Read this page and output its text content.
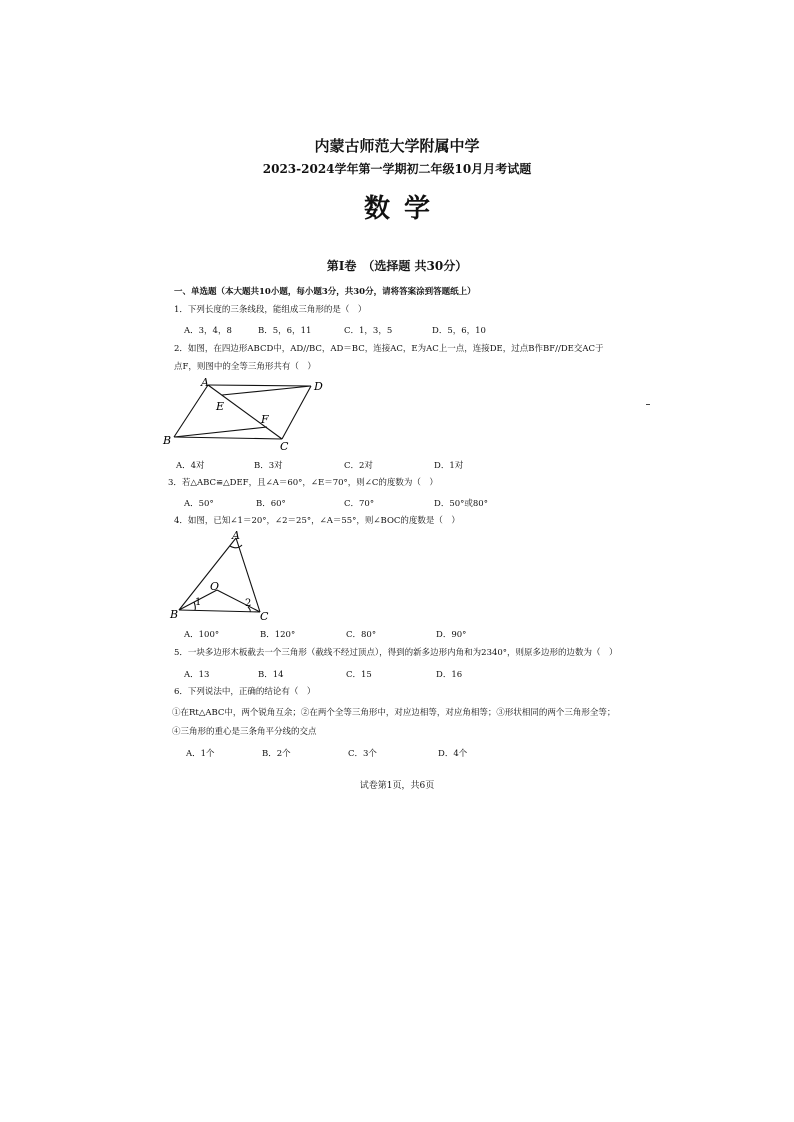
内蒙古师范大学附属中学
2023-2024学年第一学期初二年级10月月考试题
数学
第Ⅰ卷　（选择题 共30分）
一、单选题（本大题共10小题，每小题3分，共30分，请将答案涂到答题纸上）
1．下列长度的三条线段，能组成三角形的是（　）
A．3，4，8	B．5，6，11	C．1，3，5	D．5，6，10
2．如图，在四边形ABCD中，AD//BC，AD＝BC，连接AC，E为AC上一点，连接DE，过点B作BF//DE交AC于
点F，则图中的全等三角形共有（　）
A	D
E
F
B	C
A．4对	B．3对	C．2对	D．1对
3．若△ABC≌△DEF，且∠A＝60°，∠E＝70°，则∠C的度数为（　）
A．50°	B．60°	C．70°	D．50°或80°
4．如图，已知∠1＝20°，∠2＝25°，∠A＝55°，则∠BOC的度数是（　）
A
O
1	2
B	C
A．100°	B．120°	C．80°	D．90°
5．一块多边形木板截去一个三角形（截线不经过顶点），得到的新多边形内角和为2340°，则原多边形的边数为（　）
A．13	B．14	C．15	D．16
6．下列说法中，正确的结论有（　）
①在Rt△ABC中，两个锐角互余；②在两个全等三角形中，对应边相等，对应角相等；③形状相同的两个三角形全等；
④三角形的重心是三条角平分线的交点
A．1个	B．2个	C．3个	D．4个
试卷第1页，共6页
